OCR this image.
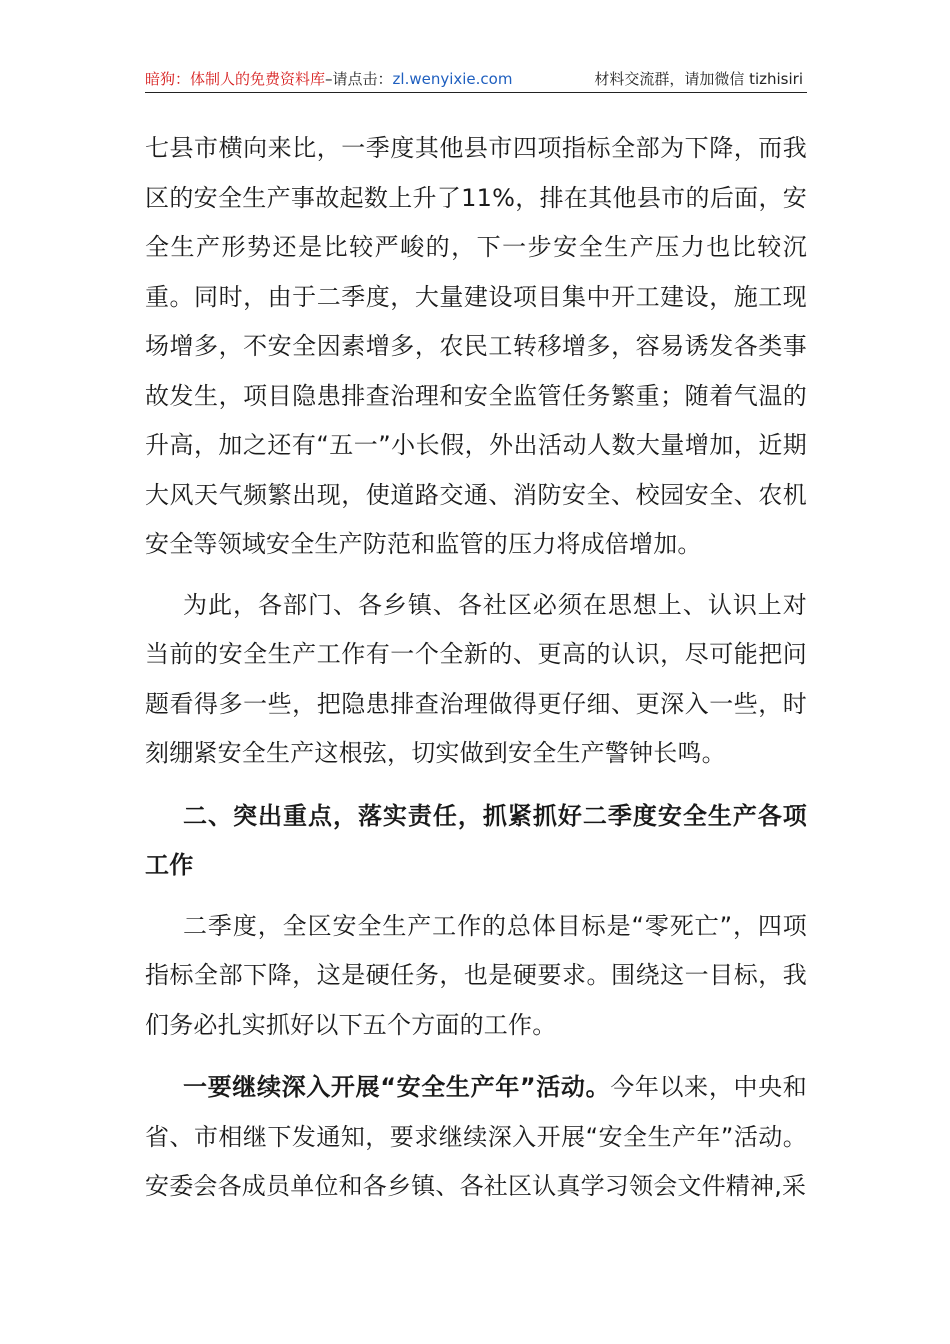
暗狗：体制人的免费资料库–请点击：zl.wenyixie.com	材料交流群，请加微信 tizhisiri

七县市横向来比，一季度其他县市四项指标全部为下降，而我区的安全生产事故起数上升了11%，排在其他县市的后面，安全生产形势还是比较严峻的，下一步安全生产压力也比较沉重。同时，由于二季度，大量建设项目集中开工建设，施工现场增多，不安全因素增多，农民工转移增多，容易诱发各类事故发生，项目隐患排查治理和安全监管任务繁重；随着气温的升高，加之还有“五一”小长假，外出活动人数大量增加，近期大风天气频繁出现，使道路交通、消防安全、校园安全、农机安全等领域安全生产防范和监管的压力将成倍增加。

为此，各部门、各乡镇、各社区必须在思想上、认识上对当前的安全生产工作有一个全新的、更高的认识，尽可能把问题看得多一些，把隐患排查治理做得更仔细、更深入一些，时刻绷紧安全生产这根弦，切实做到安全生产警钟长鸣。

二、突出重点，落实责任，抓紧抓好二季度安全生产各项工作

二季度，全区安全生产工作的总体目标是“零死亡”，四项指标全部下降，这是硬任务，也是硬要求。围绕这一目标，我们务必扎实抓好以下五个方面的工作。

一要继续深入开展“安全生产年”活动。今年以来，中央和省、市相继下发通知，要求继续深入开展“安全生产年”活动。安委会各成员单位和各乡镇、各社区认真学习领会文件精神,采
